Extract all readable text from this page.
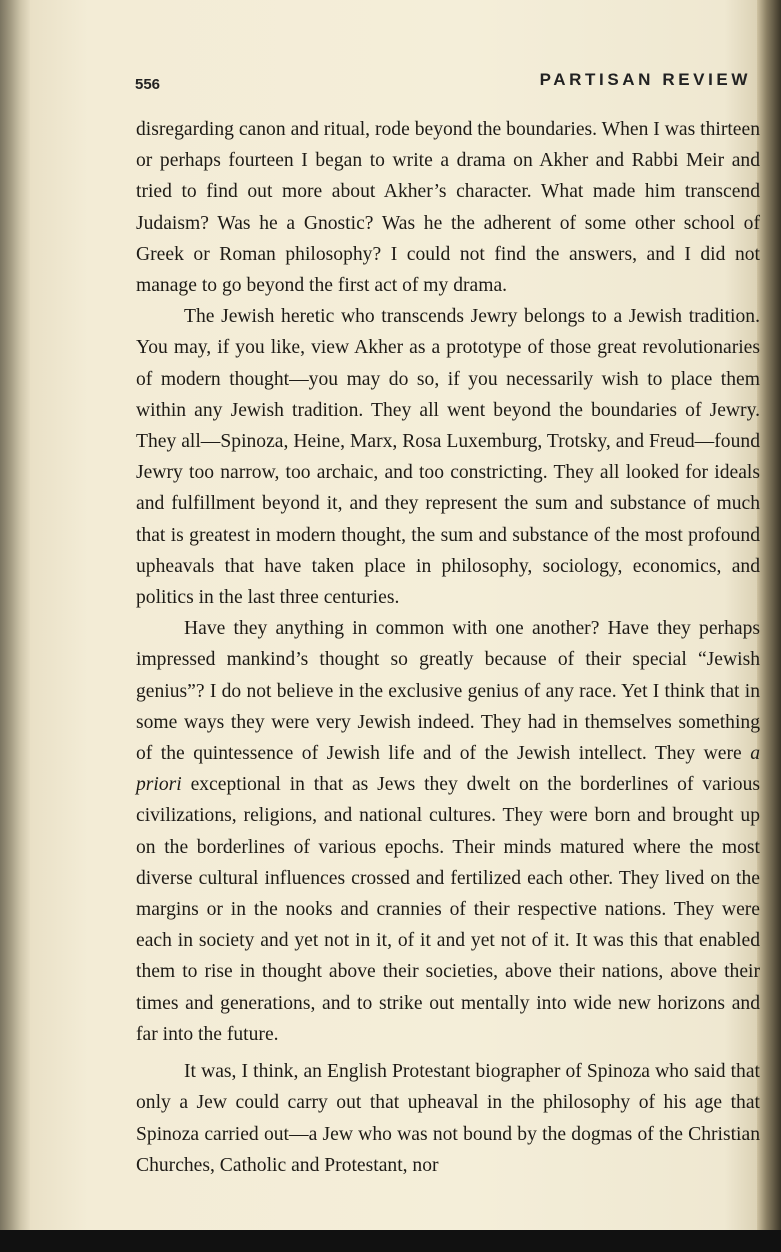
556	PARTISAN REVIEW

disregarding canon and ritual, rode beyond the boundaries. When I was thirteen or perhaps fourteen I began to write a drama on Akher and Rabbi Meir and tried to find out more about Akher’s character. What made him transcend Judaism? Was he a Gnostic? Was he the adherent of some other school of Greek or Roman philosophy? I could not find the answers, and I did not manage to go beyond the first act of my drama.

The Jewish heretic who transcends Jewry belongs to a Jewish tradition. You may, if you like, view Akher as a prototype of those great revolutionaries of modern thought—you may do so, if you necessarily wish to place them within any Jewish tradition. They all went beyond the boundaries of Jewry. They all—Spinoza, Heine, Marx, Rosa Luxemburg, Trotsky, and Freud—found Jewry too narrow, too archaic, and too constricting. They all looked for ideals and fulfillment beyond it, and they represent the sum and substance of much that is greatest in modern thought, the sum and substance of the most profound upheavals that have taken place in philosophy, sociology, economics, and politics in the last three centuries.

Have they anything in common with one another? Have they perhaps impressed mankind’s thought so greatly because of their special “Jewish genius”? I do not believe in the exclusive genius of any race. Yet I think that in some ways they were very Jewish indeed. They had in themselves something of the quintessence of Jewish life and of the Jewish intellect. They were a priori exceptional in that as Jews they dwelt on the borderlines of various civilizations, religions, and national cultures. They were born and brought up on the borderlines of various epochs. Their minds matured where the most diverse cultural influences crossed and fertilized each other. They lived on the margins or in the nooks and crannies of their respective nations. They were each in society and yet not in it, of it and yet not of it. It was this that enabled them to rise in thought above their societies, above their nations, above their times and generations, and to strike out mentally into wide new horizons and far into the future.

It was, I think, an English Protestant biographer of Spinoza who said that only a Jew could carry out that upheaval in the philosophy of his age that Spinoza carried out—a Jew who was not bound by the dogmas of the Christian Churches, Catholic and Protestant, nor
